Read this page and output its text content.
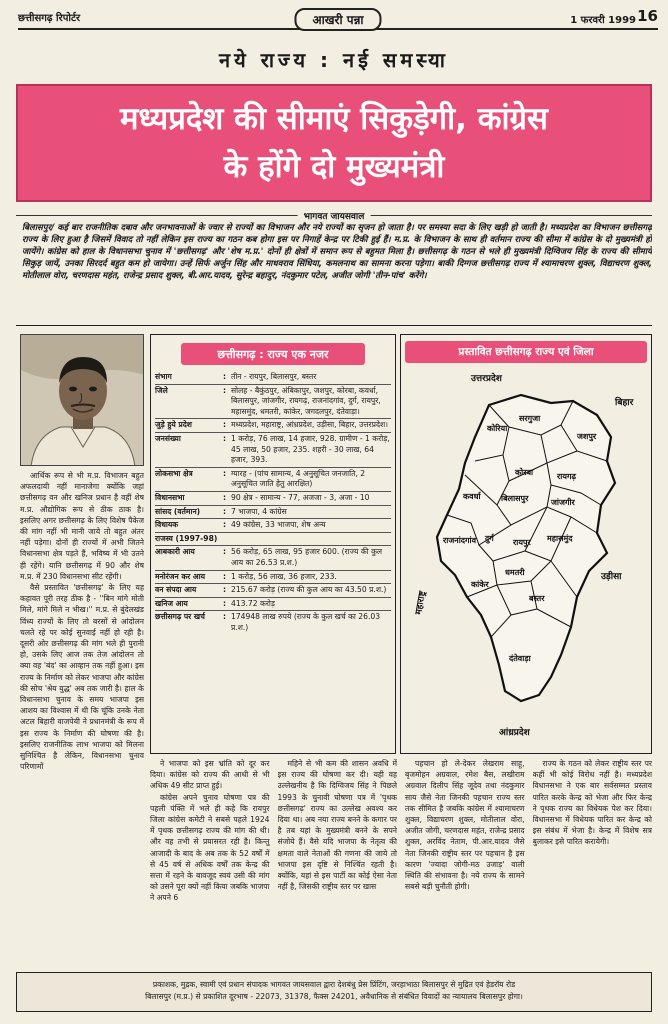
छत्तीसगढ़ रिपोर्टर	आखरी पन्ना	1 फरवरी 1999 16
नये राज्य : नई समस्या
मध्यप्रदेश की सीमाएं सिकुड़ेगी, कांग्रेस
के होंगे दो मुख्यमंत्री
भागवत जायसवाल
बिलासपुर/ कई बार राजनीतिक दबाव और जनभावनाओं के ज्वार से राज्यों का विभाजन और नये राज्यों का सृजन हो जाता है। पर समस्या सदा के लिए खड़ी हो जाती है। मध्यप्रदेश का विभाजन छत्तीसगढ़ राज्य के लिए हुआ है जिसमें विवाद तो नहीं लेकिन इस राज्य का गठन कब होगा इस पर निगाहें केन्द्र पर टिकी हुई हैं। म.प्र. के विभाजन के साथ ही वर्तमान राज्य की सीमा में कांग्रेस के दो मुख्यमंत्री हो जायेंगे। कांग्रेस को हाल के विधानसभा चुनाव में 'छत्तीसगढ़' और 'शेष म.प्र.' दोनों ही क्षेत्रों में समान रूप से बहुमत मिला है। छत्तीसगढ़ के गठन से भले ही मुख्यमंत्री दिग्विजय सिंह के राज्य की सीमायें सिकुड़ जायें, उनका सिरदर्द बहुत कम हो जायेगा। उन्हें सिर्फ अर्जुन सिंह और माधवराव सिंधिया, कमलनाथ का सामना करना पड़ेगा। बाकी दिग्गज छत्तीसगढ़ राज्य में श्यामाचरण शुक्ल, विद्याचरण शुक्ल, मोतीलाल वोरा, चरणदास महंत, राजेन्द्र प्रसाद शुक्ल, बी.आर.यादव, सुरेन्द्र बहादुर, नंदकुमार पटेल, अजीत जोगी 'तीन-पांच' करेंगे।

आर्थिक रूप से भी म.प्र. विभाजन बहुत अफलदायी नहीं मानाजेगा क्योंकि जहां छत्तीसगढ़ वन और खनिज प्रधान है वहीं शेष म.प्र. औद्योगिक रूप से ठीक ठाक है। इसलिए अगर छत्तीसगढ़ के लिए विशेष पैकेज की मांग नहीं भी मानी जाये तो बहुत अंतर नहीं पड़ेगा। दोनों ही राज्यों में अभी जितने विधानसभा क्षेत्र पड़ते हैं, भविष्य में भी उतने ही रहेंगे। यानि छत्तीसगढ़ में 90 और शेष म.प्र. में 230 विधानसभा सीट रहेंगी।

वैसे प्रस्तावित 'छत्तीसगढ़' के लिए यह कहावत पूरी तरह ठीक है - ''बिन मांगे मोती मिले, मांगे मिले न भीख।'' म.प्र. से बुंदेलखंड विंध्य राज्यों के लिए तो बरसों से आंदोलन चलते रहे पर कोई सुनवाई नहीं हो रही है। दूसरी ओर छत्तीसगढ़ की मांग भले ही पुरानी हो, उसके लिए आज तक तेज आंदोलन तो क्या वह 'बंद' का आव्हान तक नहीं हुआ। इस राज्य के निर्माण को लेकर भाजपा और कांग्रेस की सोच 'श्रेय युद्ध' अब तक जारी है। हाल के विधानसभा चुनाव के समय भाजपा इस आशय का विश्वास में थी कि चूंकि उनके नेता अटल बिहारी वाजपेयी ने प्रधानमंत्री के रूप में इस राज्य के निर्माण की घोषणा की है। इसलिए राजनीतिक लाभ भाजपा को मिलना सुनिश्चित है लेकिन, विधानसभा चुनाव परिणामों

छत्तीसगढ़ : राज्य एक नजर
संभाग	: तीन - रायपुर, बिलासपुर, बस्तर
जिले	: सोलह - बैकुंठपुर, अंबिकापुर, जशपुर, कोरबा, कवर्धा, बिलासपुर, जांजगीर, रायगढ़, राजनांदगांव, दुर्ग, रायपुर, महासमुंद, धमतरी, कांकेर, जगदलपुर, दंतेवाड़ा।
जुड़े हुये प्रदेश	: मध्यप्रदेश, महाराष्ट्र, आंध्रप्रदेश, उड़ीसा, बिहार, उत्तरप्रदेश।
जनसंख्या	: 1 करोड़, 76 लाख, 14 हजार, 928. ग्रामीण - 1 करोड़, 45 लाख, 50 हजार, 235. शहरी - 30 लाख, 64 हजार, 393.
लोकसभा क्षेत्र	: ग्यारह - (पांच सामान्य, 4 अनुसूचित जनजाति, 2 अनुसूचित जाति हेतु आरक्षित)
विधानसभा	: 90 क्षेत्र - सामान्य - 77, अजजा - 3, अजा - 10
सांसद (वर्तमान)	: 7 भाजपा, 4 कांग्रेस
विधायक	: 49 कांग्रेस, 33 भाजपा, शेष अन्य
राजस्व (1997-98)
आबकारी आय	: 56 करोड़, 65 लाख, 95 हजार 600. (राज्य की कुल आय का 26.53 प्र.श.)
मनोरंजन कर आय	: 1 करोड़, 56 लाख, 36 हजार, 233.
वन संपदा आय	: 215.67 करोड़ (राज्य की कुल आय का 43.50 प्र.श.)
खनिज आय	: 413.72 करोड़
छत्तीसगढ़ पर खर्च	: 174948 लाख रुपये (राज्य के कुल खर्च का 26.03 प्र.श.)
प्रस्तावित छत्तीसगढ़ राज्य एवं जिला
उत्तरप्रदेश
बिहार
उड़ीसा
महाराष्ट्र
आंध्रप्रदेश
कोरिया
सरगुजा
जशपुर
रायगढ़
कोरबा
जांजगीर
बिलासपुर
कवर्धा
राजनांदगांव दुर्ग रायपुर महासमुंद
धमतरी
कांकेर
बस्तर
दंतेवाड़ा

ने भाजपा को इस भ्रांति को दूर कर दिया। कांग्रेस को राज्य की आधी से भी अधिक 49 सीट प्राप्त हुई।

कांग्रेस अपने चुनाव घोषणा पत्र की पहली पंक्ति में भले ही कहे कि रायपुर जिला कांग्रेस कमेटी ने सबसे पहले 1924 में पृथक छत्तीसगढ़ राज्य की मांग की थी। और वह तभी से प्रयासरत रही है। किन्तु आजादी के बाद के अब तक के 52 वर्षों में से 45 वर्ष से अधिक वर्षों तक केन्द्र की सत्ता में रहने के बावजूद स्वयं उसी की मांग को उसने पूरा क्यों नहीं किया जबकि भाजपा ने अपने 6

महिने से भी कम की शासन अवधि में इस राज्य की घोषणा कर दी। यही वह उल्लेखनीय है कि दिग्विजय सिंह ने पिछले 1993 के चुनावी घोषणा पत्र में 'पृथक छत्तीसगढ़' राज्य का उल्लेख अवश्य कर दिया था। अब नया राज्य बनने के कगार पर है तब यहां के मुख्यमंत्री बनने के सपने संजोये हैं। वैसे यदि भाजपा के नेतृत्व की क्षमता वाले नेताओं की गणना की जाये तो भाजपा इस दृष्टि से निश्चिंत रहती है। क्योंकि, यहां से इस पार्टी का कोई ऐसा नेता नहीं है, जिसकी राष्ट्रीय स्तर पर खास

पहचान हो ले-देकर लेखराम साहू, बृजमोहन अग्रवाल, रमेश बैस, लखीराम अग्रवाल दिलीप सिंह जूदेव तथा नंदकुमार साय जैसे नेता जिनकी पहचान राज्य स्तर तक सीमित है जबकि कांग्रेस में श्यामाचरण शुक्ल, विद्याचरण शुक्ल, मोतीलाल वोरा, अजीत जोगी, चरणदास महंत, राजेन्द्र प्रसाद शुक्ल, अरविंद नेताम, पी.आर.यादव जैसे नेता जिनकी राष्ट्रीय स्तर पर पहचान है इस कारण 'ज्यादा जोगी-मठ उजाड़' वाली स्थिति की संभावना है। नये राज्य के सामने सबसे बड़ी चुनौती होगी।

राज्य के गठन को लेकर राष्ट्रीय स्तर पर कहीं भी कोई विरोध नहीं है। मध्यप्रदेश विधानसभा ने एक बार सर्वसम्मत प्रस्ताव पारित करके केन्द्र को भेजा और फिर केन्द्र ने पृथक राज्य का विधेयक पेश कर दिया। विधानसभा में विधेयक पारित कर केन्द्र को इस संबंध में भेजा है। केन्द्र में विशेष सत्र बुलाकर इसे पारित करायेगी।

प्रकाशक, मुद्रक, स्वामी एवं प्रधान संपादक भागवत जायसवाल द्वारा देशबंधु प्रेस प्रिंटिंग, जरहाभाठा बिलासपुर से मुद्रित एवं हेडरॉय रोड
बिलासपुर (म.प्र.) से प्रकाशित दूरभाष - 22073, 31378, फैक्स 24201, अवैधानिक से संबंधित विवादों का न्यायालय बिलासपुर होगा।
